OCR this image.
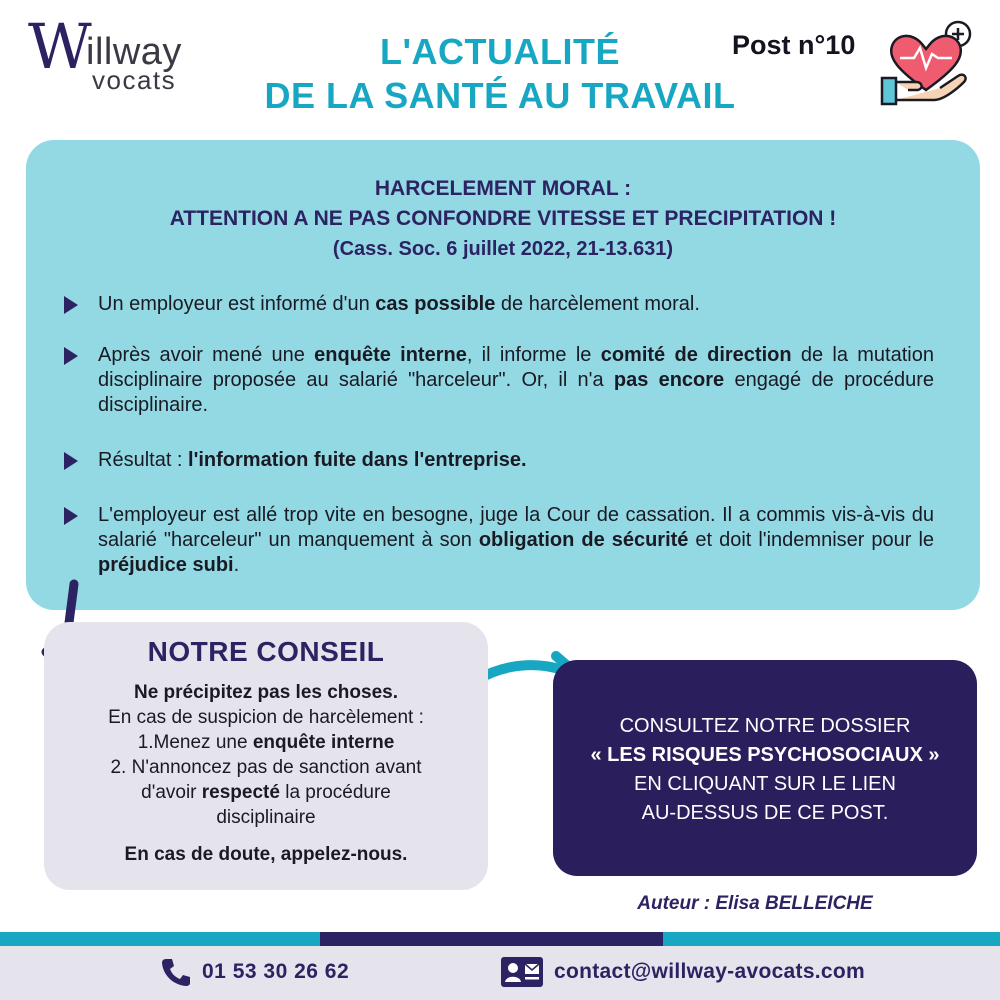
W
illway
vocats
L'ACTUALITÉ
DE LA SANTÉ AU TRAVAIL
Post n°10
HARCELEMENT MORAL :
ATTENTION A NE PAS CONFONDRE VITESSE ET PRECIPITATION !
(Cass. Soc. 6 juillet 2022, 21-13.631)
Un employeur est informé d'un cas possible de harcèlement moral.
Après avoir mené une enquête interne, il informe le comité de direction de la mutation disciplinaire proposée au salarié "harceleur". Or, il n'a pas encore engagé de procédure disciplinaire.
Résultat : l'information fuite dans l'entreprise.
L'employeur est allé trop vite en besogne, juge la Cour de cassation. Il a commis vis-à-vis du salarié "harceleur" un manquement à son obligation de sécurité et doit l'indemniser pour le préjudice subi.
NOTRE CONSEIL

Ne précipitez pas les choses.

En cas de suspicion de harcèlement :

1.Menez une enquête interne

2. N'annoncez pas de sanction avant

d'avoir respecté la procédure

disciplinaire

En cas de doute, appelez-nous.

CONSULTEZ NOTRE DOSSIER
« LES RISQUES PSYCHOSOCIAUX »
EN CLIQUANT SUR LE LIEN
AU-DESSUS DE CE POST.
Auteur : Elisa BELLEICHE
01 53 30 26 62	contact@willway-avocats.com
